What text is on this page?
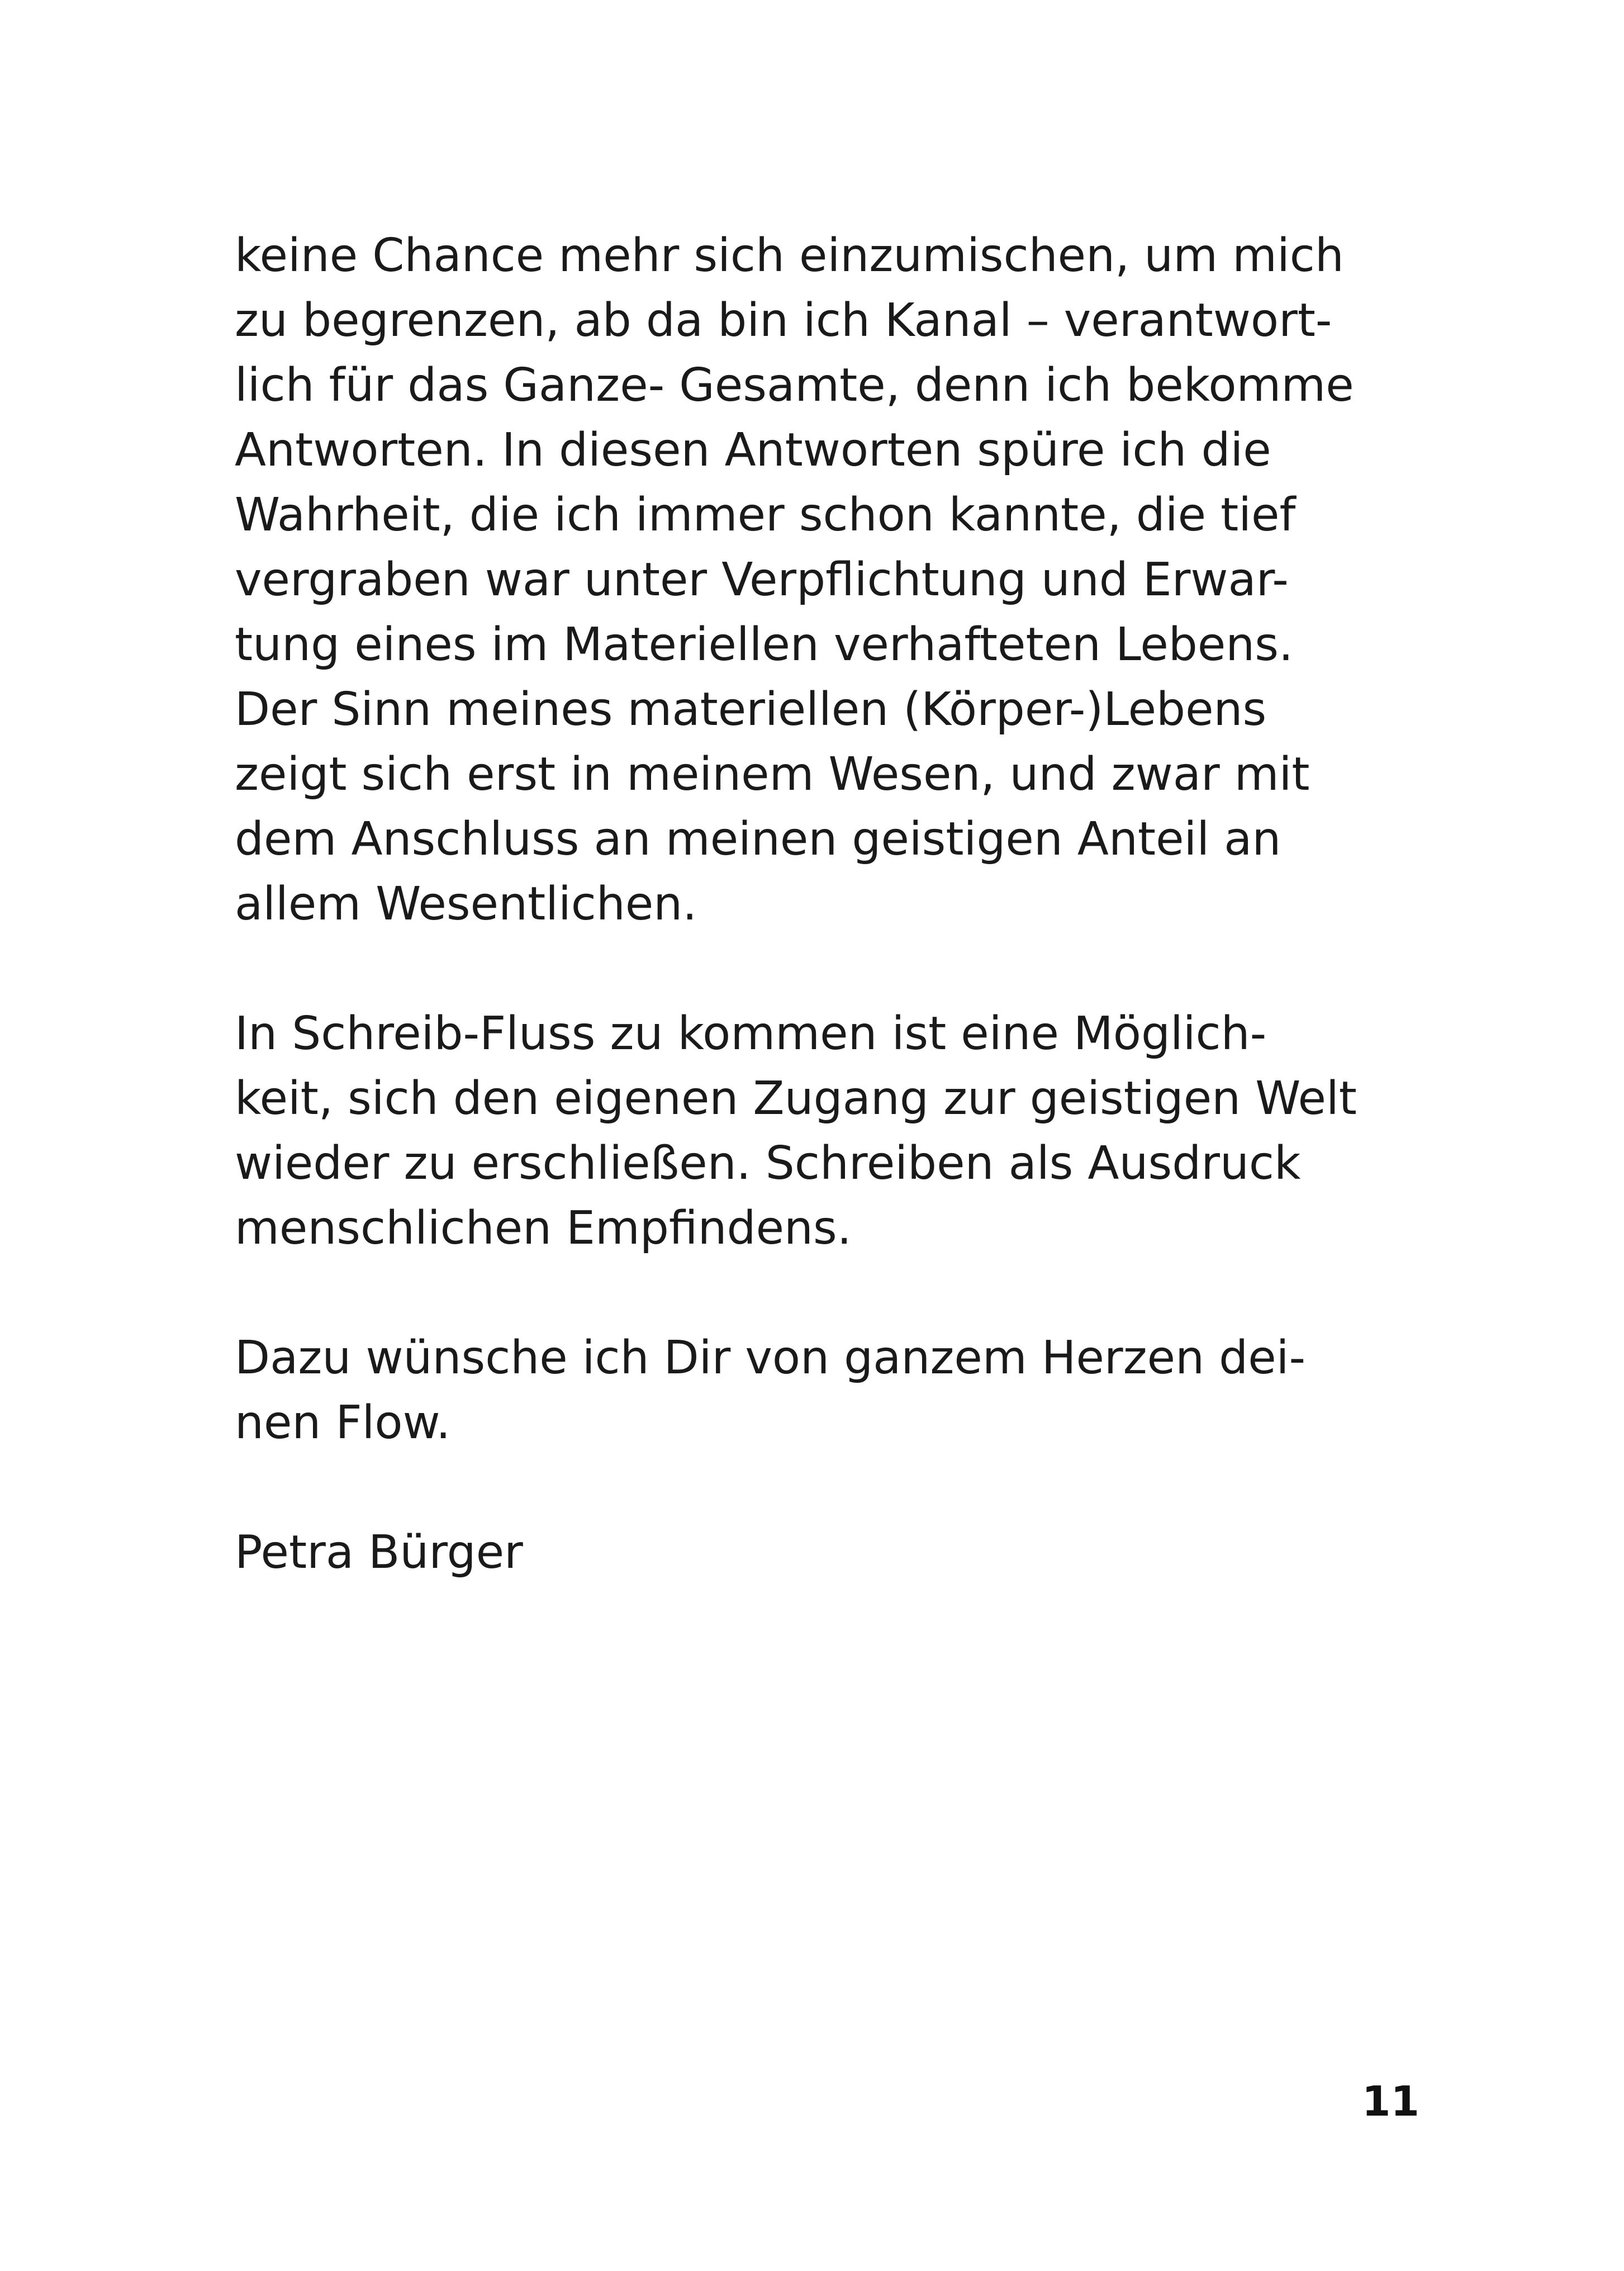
keine Chance mehr sich einzumischen, um mich
zu begrenzen, ab da bin ich Kanal – verantwort-
lich für das Ganze- Gesamte, denn ich bekomme
Antworten. In diesen Antworten spüre ich die
Wahrheit, die ich immer schon kannte, die tief
vergraben war unter Verpflichtung und Erwar-
tung eines im Materiellen verhafteten Lebens.
Der Sinn meines materiellen (Körper-)Lebens
zeigt sich erst in meinem Wesen, und zwar mit
dem Anschluss an meinen geistigen Anteil an
allem Wesentlichen.

In Schreib-Fluss zu kommen ist eine Möglich-
keit, sich den eigenen Zugang zur geistigen Welt
wieder zu erschließen. Schreiben als Ausdruck
menschlichen Empfindens.

Dazu wünsche ich Dir von ganzem Herzen dei-
nen Flow.

Petra Bürger

11
